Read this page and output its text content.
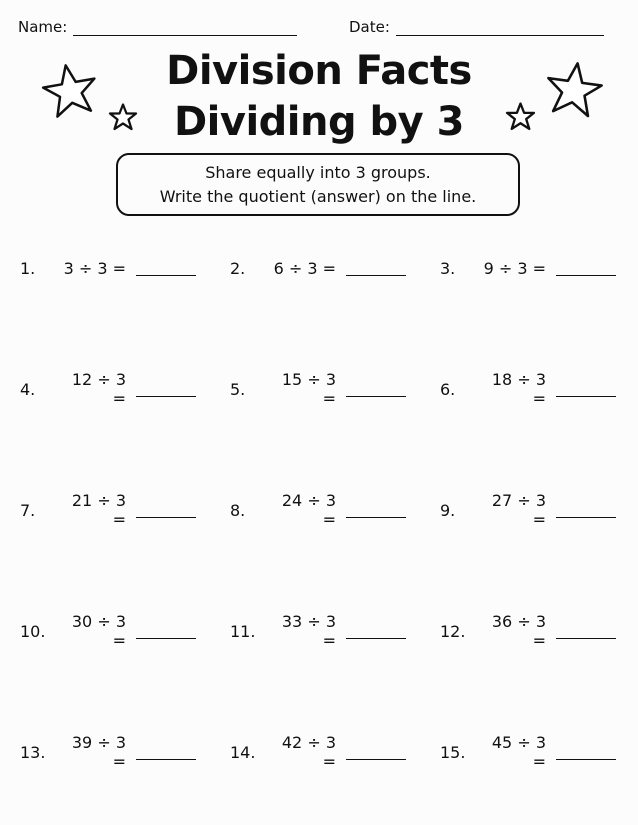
Name:	Date:
Division Facts
Dividing by 3
Share equally into 3 groups.
Write the quotient (answer) on the line.
1.	3 ÷ 3 =	2.	6 ÷ 3 =	3.	9 ÷ 3 =
4.	12 ÷ 3 =	5.	15 ÷ 3 =	6.	18 ÷ 3 =
7.	21 ÷ 3 =	8.	24 ÷ 3 =	9.	27 ÷ 3 =
10.	30 ÷ 3 =	11.	33 ÷ 3 =	12.	36 ÷ 3 =
13.	39 ÷ 3 =	14.	42 ÷ 3 =	15.	45 ÷ 3 =
